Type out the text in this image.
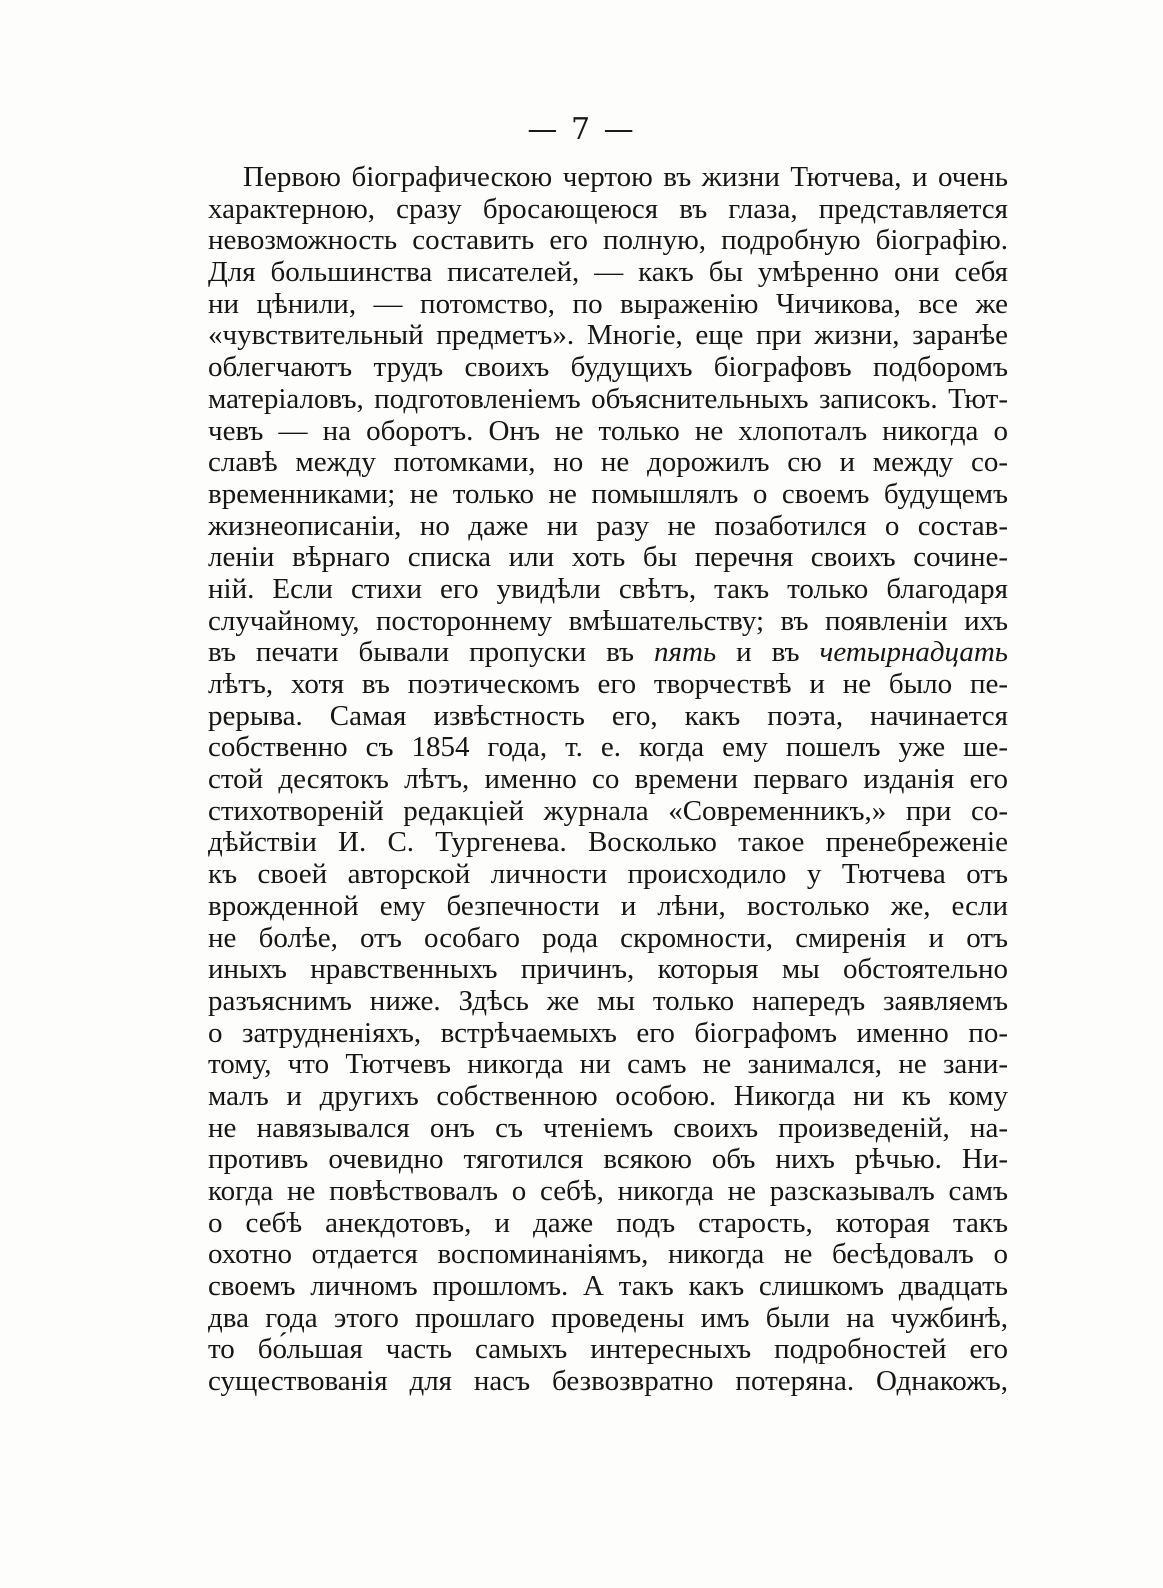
— 7 —
Первою біографическою чертою въ жизни Тютчева, и очень
характерною, сразу бросающеюся въ глаза, представляется
невозможность составить его полную, подробную біографію.
Для большинства писателей, — какъ бы умѣренно они себя
ни цѣнили, — потомство, по выраженію Чичикова, все же
«чувствительный предметъ». Многіе, еще при жизни, заранѣе
облегчаютъ трудъ своихъ будущихъ біографовъ подборомъ
матеріаловъ, подготовленіемъ объяснительныхъ записокъ. Тют-
чевъ — на оборотъ. Онъ не только не хлопоталъ никогда о
славѣ между потомками, но не дорожилъ сю и между со-
временниками; не только не помышлялъ о своемъ будущемъ
жизнеописаніи, но даже ни разу не позаботился о состав-
леніи вѣрнаго списка или хоть бы перечня своихъ сочине-
ній. Если стихи его увидѣли свѣтъ, такъ только благодаря
случайному, постороннему вмѣшательству; въ появленіи ихъ
въ печати бывали пропуски въ пять и въ четырнадцать
лѣтъ, хотя въ поэтическомъ его творчествѣ и не было пе-
рерыва. Самая извѣстность его, какъ поэта, начинается
собственно съ 1854 года, т. е. когда ему пошелъ уже ше-
стой десятокъ лѣтъ, именно со времени перваго изданія его
стихотвореній редакціей журнала «Современникъ,» при со-
дѣйствіи И. С. Тургенева. Восколько такое пренебреженіе
къ своей авторской личности происходило у Тютчева отъ
врожденной ему безпечности и лѣни, востолько же, если
не болѣе, отъ особаго рода скромности, смиренія и отъ
иныхъ нравственныхъ причинъ, которыя мы обстоятельно
разъяснимъ ниже. Здѣсь же мы только напередъ заявляемъ
о затрудненіяхъ, встрѣчаемыхъ его біографомъ именно по-
тому, что Тютчевъ никогда ни самъ не занимался, не зани-
малъ и другихъ собственною особою. Никогда ни къ кому
не навязывался онъ съ чтеніемъ своихъ произведеній, на-
противъ очевидно тяготился всякою объ нихъ рѣчью. Ни-
когда не повѣствовалъ о себѣ, никогда не разсказывалъ самъ
о себѣ анекдотовъ, и даже подъ старость, которая такъ
охотно отдается воспоминаніямъ, никогда не бесѣдовалъ о
своемъ личномъ прошломъ. А такъ какъ слишкомъ двадцать
два года этого прошлаго проведены имъ были на чужбинѣ,
то бо́льшая часть самыхъ интересныхъ подробностей его
существованія для насъ безвозвратно потеряна. Однакожъ,
